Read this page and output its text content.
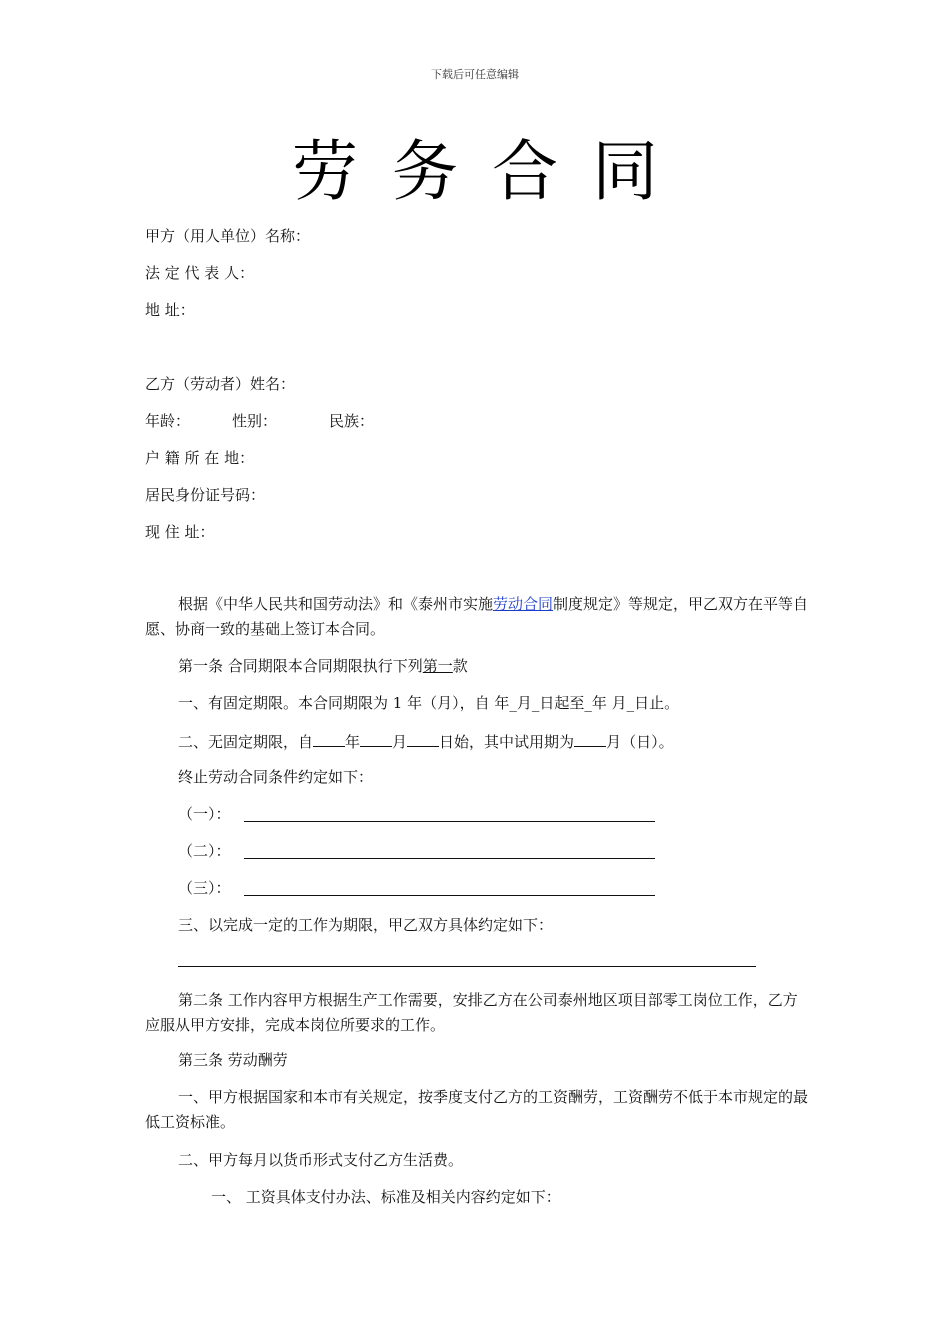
下载后可任意编辑
劳务合同
甲方（用人单位）名称：
法 定 代 表 人：
地 址：
乙方（劳动者）姓名：
年龄：	性别：	民族：
户 籍 所 在 地：
居民身份证号码：
现 住 址：
根据《中华人民共和国劳动法》和《泰州市实施劳动合同制度规定》等规定，甲乙双方在平等自愿、协商一致的基础上签订本合同。
第一条 合同期限本合同期限执行下列第一款
一、有固定期限。本合同期限为 1 年（月），自 年_月_日起至_年 月_日止。
二、无固定期限，自 年 月 日始，其中试用期为 月（日）。
终止劳动合同条件约定如下：
（一）：
（二）：
（三）：
三、以完成一定的工作为期限，甲乙双方具体约定如下：
第二条 工作内容甲方根据生产工作需要，安排乙方在公司泰州地区项目部零工岗位工作，乙方应服从甲方安排，完成本岗位所要求的工作。
第三条 劳动酬劳
一、甲方根据国家和本市有关规定，按季度支付乙方的工资酬劳，工资酬劳不低于本市规定的最低工资标准。
二、甲方每月以货币形式支付乙方生活费。
一、 工资具体支付办法、标准及相关内容约定如下：
